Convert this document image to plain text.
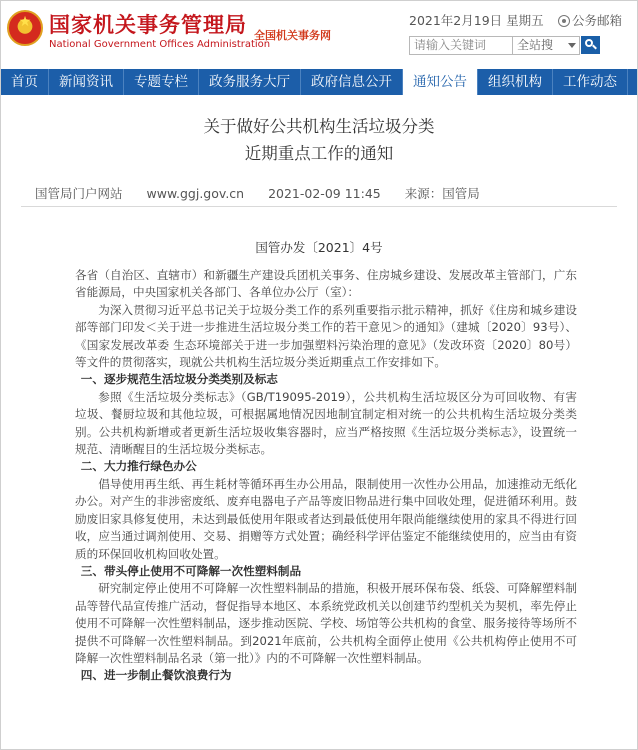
★ 国家机关事务管理局
National Government Offices Administration
全国机关事务网
2021年2月19日 星期五	公务邮箱
请输入关键词	全站搜
首页	新闻资讯	专题专栏	政务服务大厅	政府信息公开	通知公告	组织机构	工作动态
关于做好公共机构生活垃圾分类
近期重点工作的通知
国管局门户网站 www.ggj.gov.cn 2021-02-09 11:45 来源：国管局
国管办发〔2021〕4号

各省（自治区、直辖市）和新疆生产建设兵团机关事务、住房城乡建设、发展改革主管部门，广东省能源局，中央国家机关各部门、各单位办公厅（室）：

为深入贯彻习近平总书记关于垃圾分类工作的系列重要指示批示精神，抓好《住房和城乡建设部等部门印发＜关于进一步推进生活垃圾分类工作的若干意见＞的通知》（建城〔2020〕93号）、《国家发展改革委 生态环境部关于进一步加强塑料污染治理的意见》（发改环资〔2020〕80号）等文件的贯彻落实，现就公共机构生活垃圾分类近期重点工作安排如下。

一、逐步规范生活垃圾分类类别及标志

参照《生活垃圾分类标志》（GB/T19095-2019），公共机构生活垃圾区分为可回收物、有害垃圾、餐厨垃圾和其他垃圾，可根据属地情况因地制宜制定相对统一的公共机构生活垃圾分类类别。公共机构新增或者更新生活垃圾收集容器时，应当严格按照《生活垃圾分类标志》，设置统一规范、清晰醒目的生活垃圾分类标志。

二、大力推行绿色办公

倡导使用再生纸、再生耗材等循环再生办公用品，限制使用一次性办公用品，加速推动无纸化办公。对产生的非涉密废纸、废弃电器电子产品等废旧物品进行集中回收处理，促进循环利用。鼓励废旧家具修复使用，未达到最低使用年限或者达到最低使用年限尚能继续使用的家具不得进行回收，应当通过调剂使用、交易、捐赠等方式处置；确经科学评估鉴定不能继续使用的，应当由有资质的环保回收机构回收处置。

三、带头停止使用不可降解一次性塑料制品

研究制定停止使用不可降解一次性塑料制品的措施，积极开展环保布袋、纸袋、可降解塑料制品等替代品宣传推广活动，督促指导本地区、本系统党政机关以创建节约型机关为契机，率先停止使用不可降解一次性塑料制品，逐步推动医院、学校、场馆等公共机构的食堂、服务接待等场所不提供不可降解一次性塑料制品。到2021年底前，公共机构全面停止使用《公共机构停止使用不可降解一次性塑料制品名录（第一批）》内的不可降解一次性塑料制品。

四、进一步制止餐饮浪费行为
